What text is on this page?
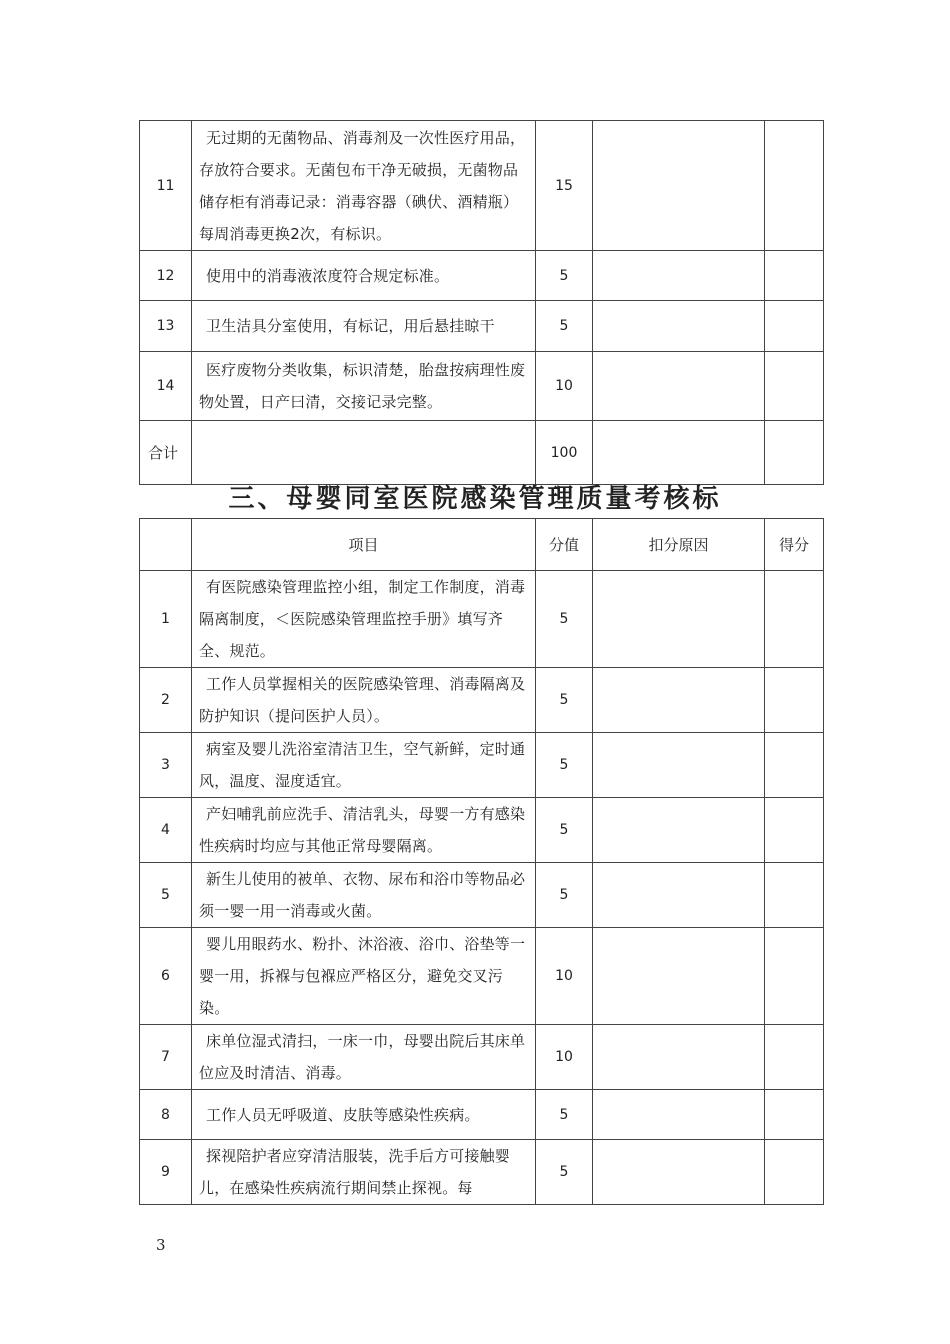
11	无过期的无菌物品、消毒剂及一次性医疗用品，存放符合要求。无菌包布干净无破损，无菌物品储存柜有消毒记录：消毒容器（碘伏、酒精瓶）每周消毒更换2次，有标识。	15		
12	使用中的消毒液浓度符合规定标准。	5		
13	卫生洁具分室使用，有标记，用后悬挂晾干	5		
14	医疗废物分类收集，标识清楚，胎盘按病理性废物处置，日产曰清，交接记录完整。	10		
合计		100		
三、母婴同室医院感染管理质量考核标
	项目	分值	扣分原因	得分
1	有医院感染管理监控小组，制定工作制度，消毒隔离制度，＜医院感染管理监控手册》填写齐全、规范。	5		
2	工作人员掌握相关的医院感染管理、消毒隔离及防护知识（提问医护人员）。	5		
3	病室及婴儿洗浴室清洁卫生，空气新鲜，定时通风，温度、湿度适宜。	5		
4	产妇哺乳前应洗手、清洁乳头，母婴一方有感染性疾病时均应与其他正常母婴隔离。	5		
5	新生儿使用的被单、衣物、尿布和浴巾等物品必须一婴一用一消毒或火菌。	5		
6	婴儿用眼药水、粉扑、沐浴液、浴巾、浴垫等一婴一用，拆褓与包褓应严格区分，避免交叉污染。	10		
7	床单位湿式清扫，一床一巾，母婴出院后其床单位应及时清洁、消毒。	10		
8	工作人员无呼吸道、皮肤等感染性疾病。	5		
9	探视陪护者应穿清洁服装，洗手后方可接触婴儿，在感染性疾病流行期间禁止探视。每	5		
3
